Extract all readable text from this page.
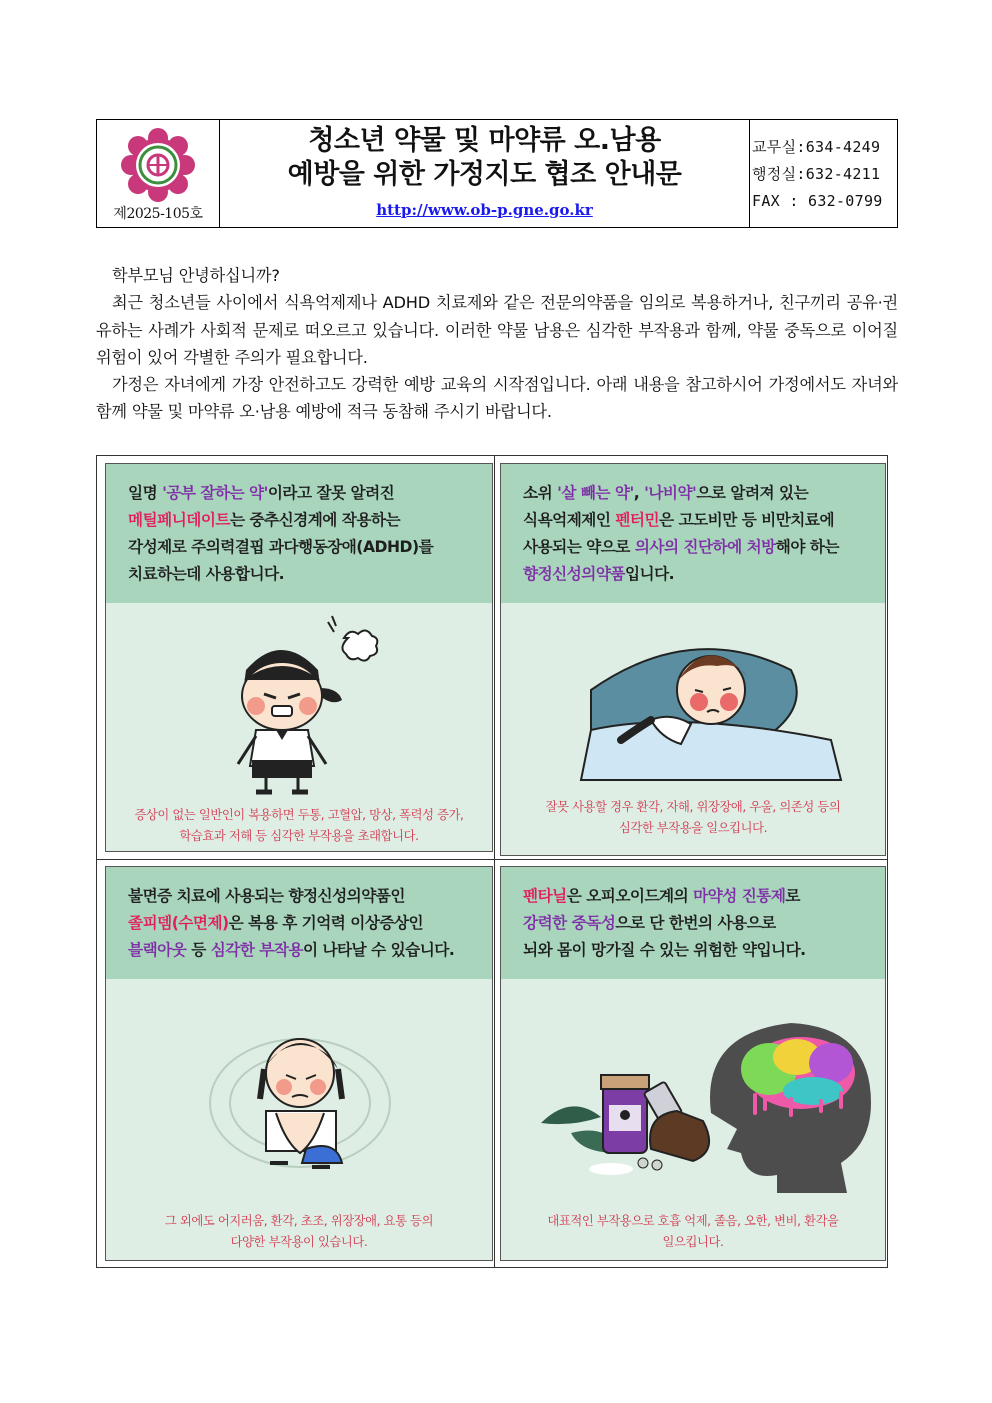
제2025-105호
청소년 약물 및 마약류 오.남용
예방을 위한 가정지도 협조 안내문
http://www.ob-p.gne.go.kr
교무실:634-4249
행정실:632-4211
FAX : 632-0799

학부모님 안녕하십니까?

최근 청소년들 사이에서 식욕억제제나 ADHD 치료제와 같은 전문의약품을 임의로 복용하거나, 친구끼리 공유·권유하는 사례가 사회적 문제로 떠오르고 있습니다. 이러한 약물 남용은 심각한 부작용과 함께, 약물 중독으로 이어질 위험이 있어 각별한 주의가 필요합니다.

가정은 자녀에게 가장 안전하고도 강력한 예방 교육의 시작점입니다. 아래 내용을 참고하시어 가정에서도 자녀와 함께 약물 및 마약류 오·남용 예방에 적극 동참해 주시기 바랍니다.

일명 '공부 잘하는 약'이라고 잘못 알려진
메틸페니데이트는 중추신경계에 작용하는
각성제로 주의력결핍 과다행동장애(ADHD)를
치료하는데 사용합니다.
증상이 없는 일반인이 복용하면 두통, 고혈압, 망상, 폭력성 증가,
학습효과 저해 등 심각한 부작용을 초래합니다.
소위 '살 빼는 약', '나비약'으로 알려져 있는
식욕억제제인 펜터민은 고도비만 등 비만치료에
사용되는 약으로 의사의 진단하에 처방해야 하는
향정신성의약품입니다.
잘못 사용할 경우 환각, 자해, 위장장애, 우울, 의존성 등의
심각한 부작용을 일으킵니다.
불면증 치료에 사용되는 향정신성의약품인
졸피뎀(수면제)은 복용 후 기억력 이상증상인
블랙아웃 등 심각한 부작용이 나타날 수 있습니다.
그 외에도 어지러움, 환각, 초조, 위장장애, 요통 등의
다양한 부작용이 있습니다.
펜타닐은 오피오이드계의 마약성 진통제로
강력한 중독성으로 단 한번의 사용으로
뇌와 몸이 망가질 수 있는 위험한 약입니다.
대표적인 부작용으로 호흡 억제, 졸음, 오한, 변비, 환각을
일으킵니다.
